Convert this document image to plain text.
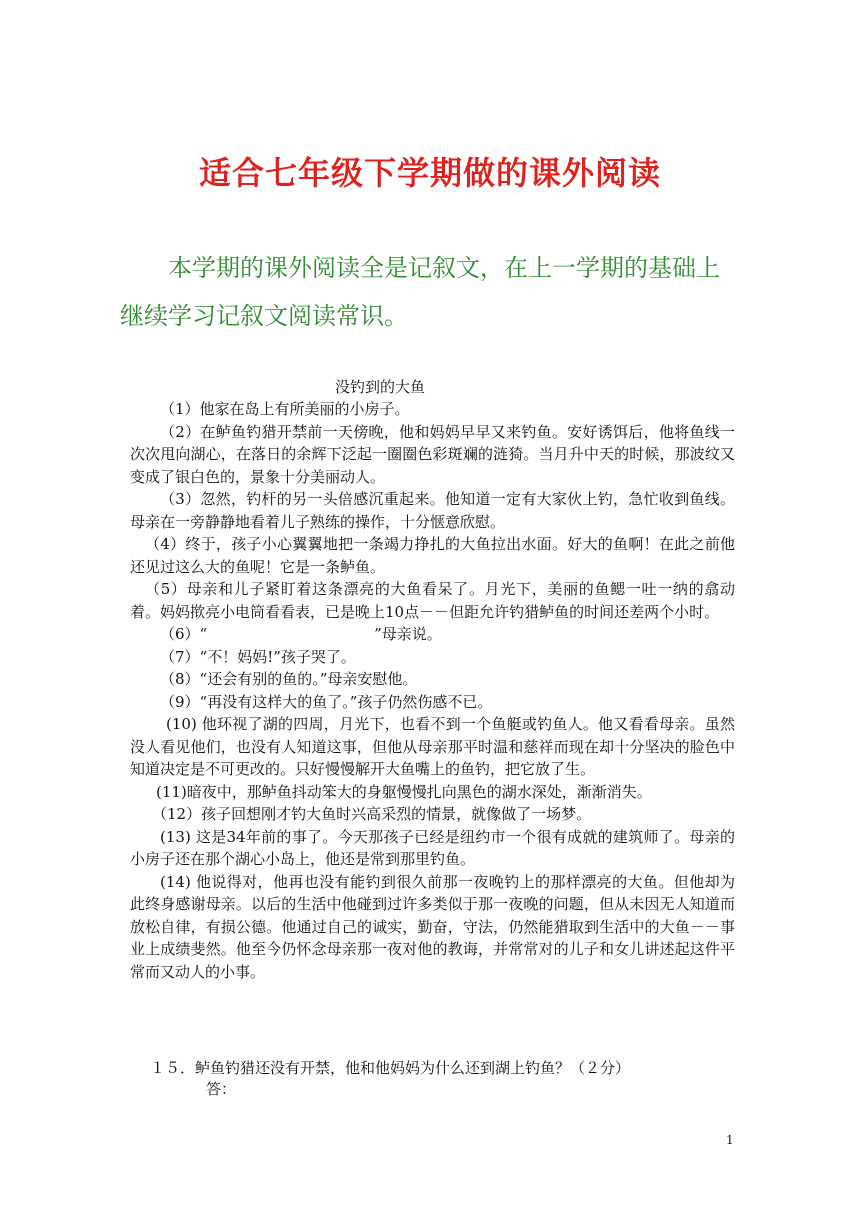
适合七年级下学期做的课外阅读

本学期的课外阅读全是记叙文，在上一学期的基础上继续学习记叙文阅读常识。

没钓到的大鱼

（1）他家在岛上有所美丽的小房子。

（2）在鲈鱼钓猎开禁前一天傍晚，他和妈妈早早又来钓鱼。安好诱饵后，他将鱼线一次次甩向湖心，在落日的余辉下泛起一圈圈色彩斑斓的涟猗。当月升中天的时候，那波纹又变成了银白色的，景象十分美丽动人。

（3）忽然，钓杆的另一头倍感沉重起来。他知道一定有大家伙上钓，急忙收到鱼线。母亲在一旁静静地看着儿子熟练的操作，十分惬意欣慰。

（4）终于，孩子小心翼翼地把一条竭力挣扎的大鱼拉出水面。好大的鱼啊！在此之前他还见过这么大的鱼呢！它是一条鲈鱼。

（5）母亲和儿子紧盯着这条漂亮的大鱼看呆了。月光下，美丽的鱼鳃一吐一纳的翕动着。妈妈揿亮小电筒看看表，已是晚上10点－－但距允许钓猎鲈鱼的时间还差两个小时。

（6）“                                   ”母亲说。

（7）“不！妈妈!”孩子哭了。

（8）“还会有别的鱼的。”母亲安慰他。

（9）“再没有这样大的鱼了。”孩子仍然伤感不已。

(10) 他环视了湖的四周，月光下，也看不到一个鱼艇或钓鱼人。他又看看母亲。虽然没人看见他们，也没有人知道这事，但他从母亲那平时温和慈祥而现在却十分坚决的脸色中知道决定是不可更改的。只好慢慢解开大鱼嘴上的鱼钓，把它放了生。

(11)暗夜中，那鲈鱼抖动笨大的身躯慢慢扎向黑色的湖水深处，渐渐消失。

（12）孩子回想刚才钓大鱼时兴高采烈的情景，就像做了一场梦。

(13) 这是34年前的事了。今天那孩子已经是纽约市一个很有成就的建筑师了。母亲的小房子还在那个湖心小岛上，他还是常到那里钓鱼。

(14) 他说得对，他再也没有能钓到很久前那一夜晚钓上的那样漂亮的大鱼。但他却为此终身感谢母亲。以后的生活中他碰到过许多类似于那一夜晚的问题，但从未因无人知道而放松自律，有损公德。他通过自己的诚实，勤奋，守法，仍然能猎取到生活中的大鱼－－事业上成绩斐然。他至今仍怀念母亲那一夜对他的教诲，并常常对的儿子和女儿讲述起这件平常而又动人的小事。

１５．鲈鱼钓猎还没有开禁，他和他妈妈为什么还到湖上钓鱼？（２分）
答：
1
